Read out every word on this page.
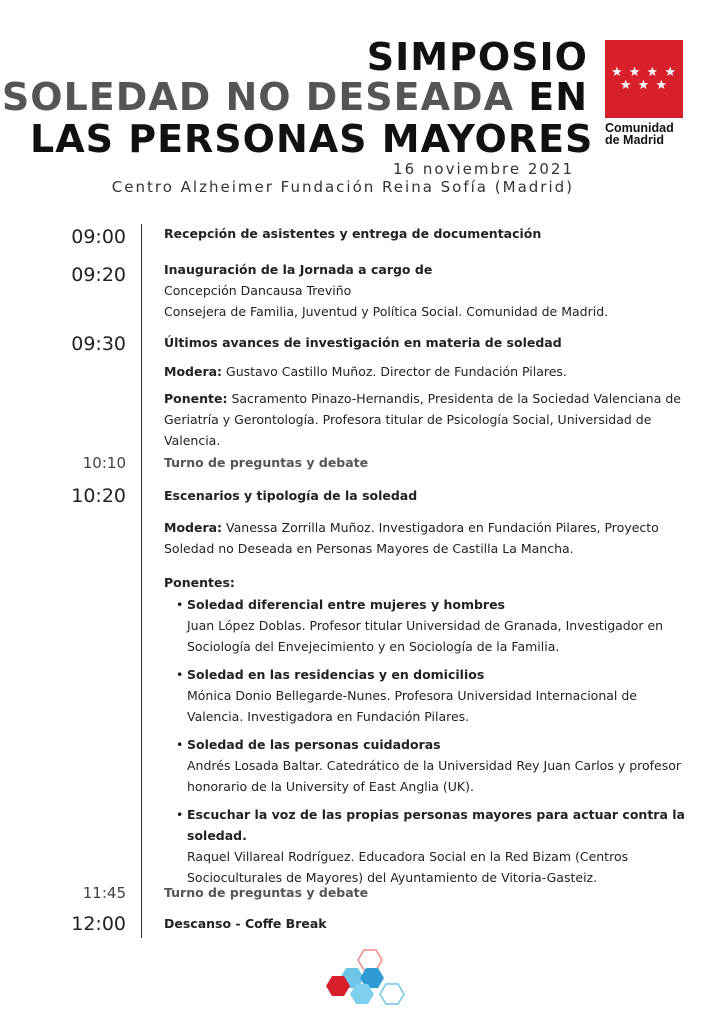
SIMPOSIO
SOLEDAD NO DESEADA EN
LAS PERSONAS MAYORES
16 noviembre 2021
Centro Alzheimer Fundación Reina Sofía (Madrid)
★ ★ ★ ★
★ ★ ★
Comunidad
de Madrid
09:00	Recepción de asistentes y entrega de documentación
09:20	Inauguración de la Jornada a cargo de
Concepción Dancausa Treviño
Consejera de Familia, Juventud y Política Social. Comunidad de Madrid.
09:30	Últimos avances de investigación en materia de soledad
Modera: Gustavo Castillo Muñoz. Director de Fundación Pilares.
Ponente: Sacramento Pinazo-Hernandis, Presidenta de la Sociedad Valenciana de Geriatría y Gerontología. Profesora titular de Psicología Social, Universidad de Valencia.
10:10	Turno de preguntas y debate
10:20	Escenarios y tipología de la soledad
Modera: Vanessa Zorrilla Muñoz. Investigadora en Fundación Pilares, Proyecto Soledad no Deseada en Personas Mayores de Castilla La Mancha.
Ponentes:
• Soledad diferencial entre mujeres y hombres
Juan López Doblas. Profesor titular Universidad de Granada, Investigador en Sociología del Envejecimiento y en Sociología de la Familia.
• Soledad en las residencias y en domicilios
Mónica Donio Bellegarde-Nunes. Profesora Universidad Internacional de Valencia. Investigadora en Fundación Pilares.
• Soledad de las personas cuidadoras
Andrés Losada Baltar. Catedrático de la Universidad Rey Juan Carlos y profesor honorario de la University of East Anglia (UK).
• Escuchar la voz de las propias personas mayores para actuar contra la soledad.
Raquel Villareal Rodríguez. Educadora Social en la Red Bizam (Centros Socioculturales de Mayores) del Ayuntamiento de Vitoria-Gasteiz.
11:45	Turno de preguntas y debate
12:00	Descanso - Coffe Break
